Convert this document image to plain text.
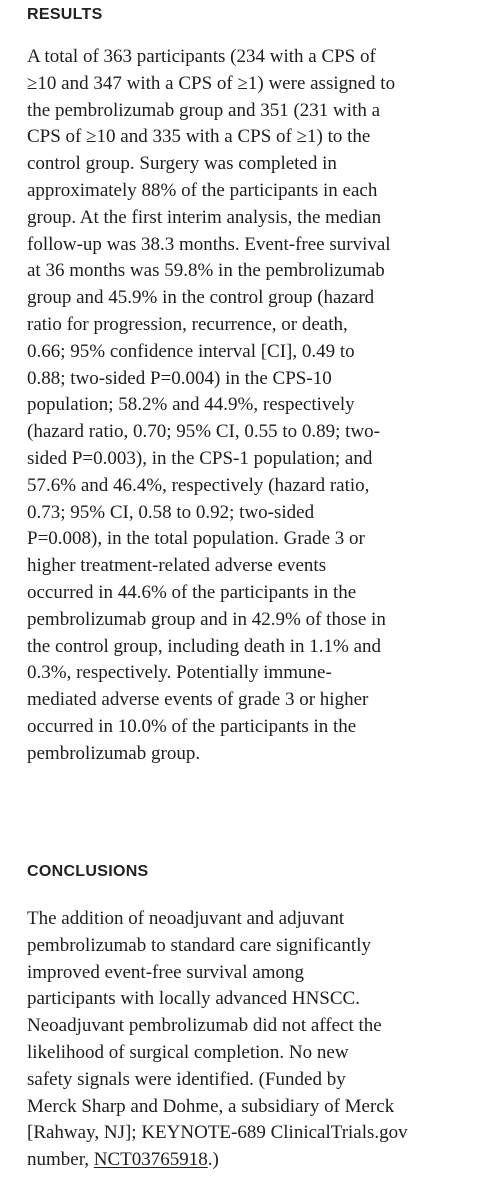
RESULTS

A total of 363 participants (234 with a CPS of
≥10 and 347 with a CPS of ≥1) were assigned to
the pembrolizumab group and 351 (231 with a
CPS of ≥10 and 335 with a CPS of ≥1) to the
control group. Surgery was completed in
approximately 88% of the participants in each
group. At the first interim analysis, the median
follow-up was 38.3 months. Event-free survival
at 36 months was 59.8% in the pembrolizumab
group and 45.9% in the control group (hazard
ratio for progression, recurrence, or death,
0.66; 95% confidence interval [CI], 0.49 to
0.88; two-sided P=0.004) in the CPS-10
population; 58.2% and 44.9%, respectively
(hazard ratio, 0.70; 95% CI, 0.55 to 0.89; two-
sided P=0.003), in the CPS-1 population; and
57.6% and 46.4%, respectively (hazard ratio,
0.73; 95% CI, 0.58 to 0.92; two-sided
P=0.008), in the total population. Grade 3 or
higher treatment-related adverse events
occurred in 44.6% of the participants in the
pembrolizumab group and in 42.9% of those in
the control group, including death in 1.1% and
0.3%, respectively. Potentially immune-
mediated adverse events of grade 3 or higher
occurred in 10.0% of the participants in the
pembrolizumab group.

CONCLUSIONS

The addition of neoadjuvant and adjuvant
pembrolizumab to standard care significantly
improved event-free survival among
participants with locally advanced HNSCC.
Neoadjuvant pembrolizumab did not affect the
likelihood of surgical completion. No new
safety signals were identified. (Funded by
Merck Sharp and Dohme, a subsidiary of Merck
[Rahway, NJ]; KEYNOTE-689 ClinicalTrials.gov
number, NCT03765918.)
